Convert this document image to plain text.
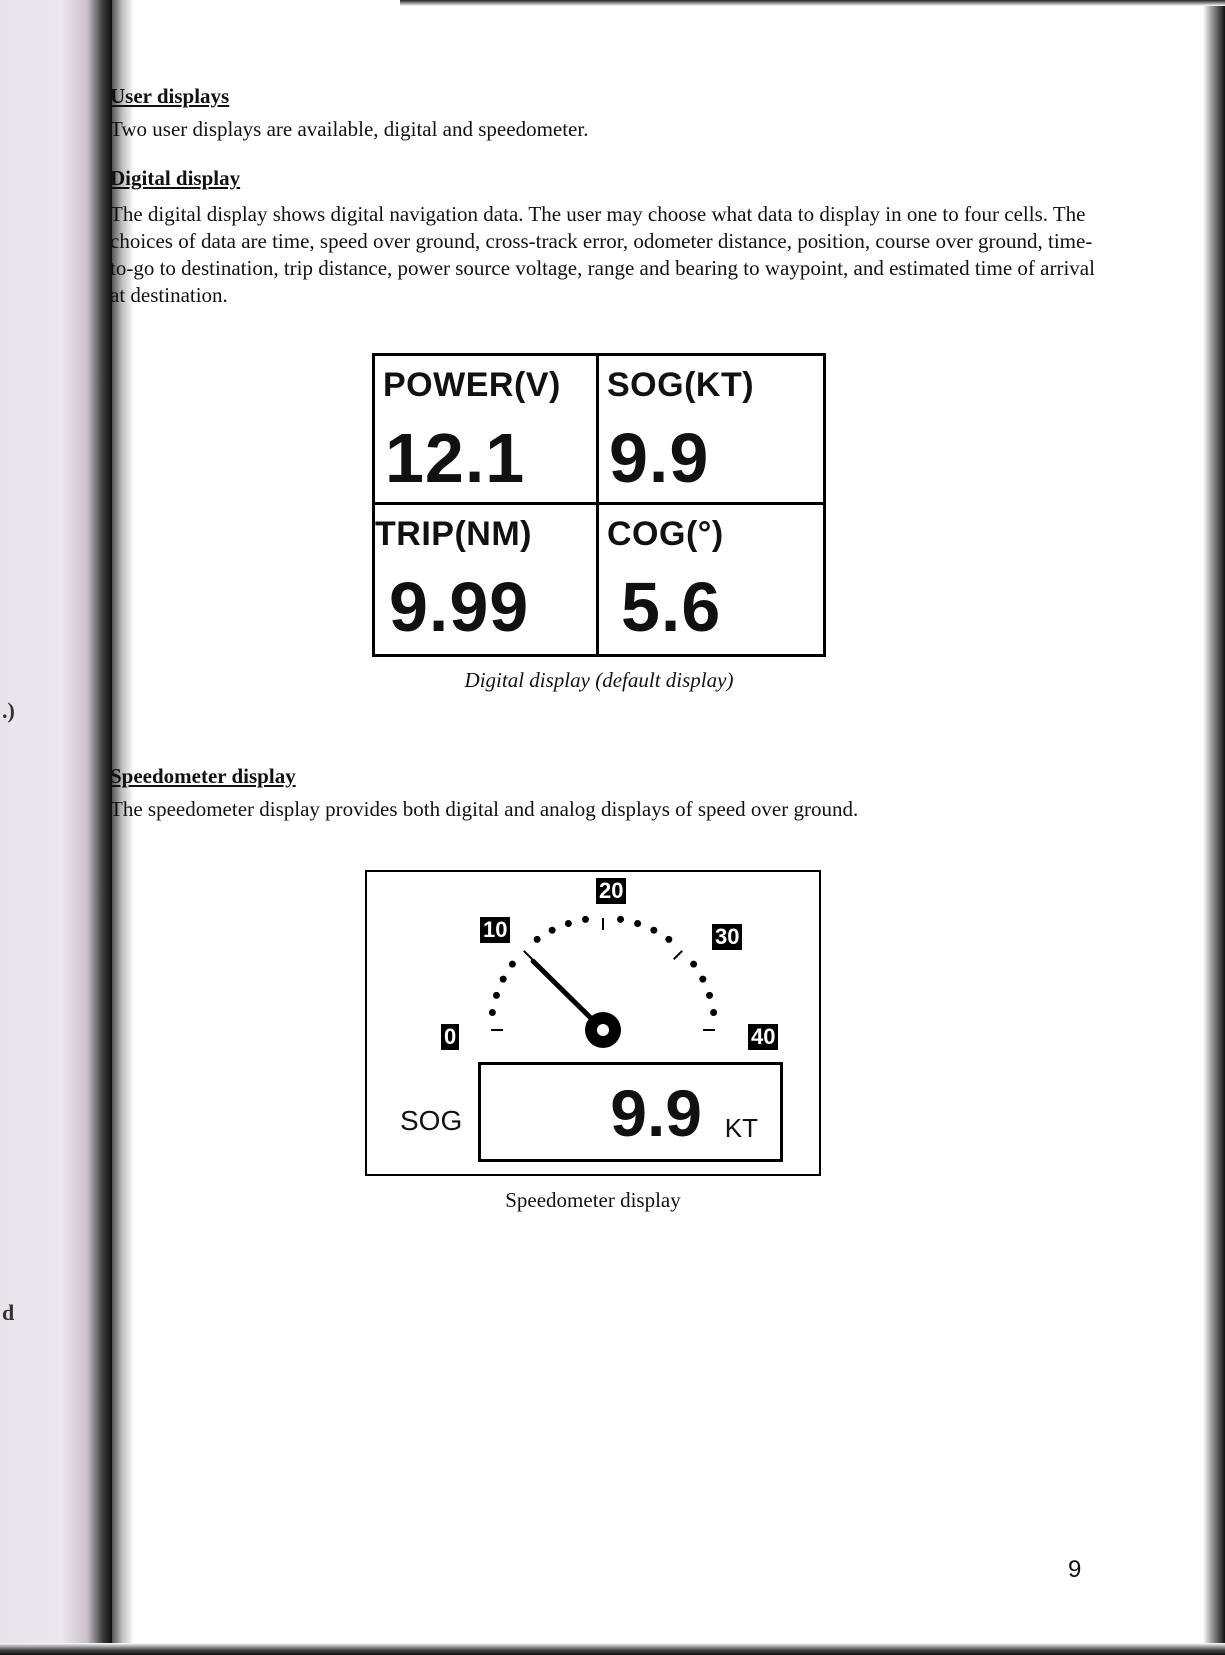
.)
d
User displays
Two user displays are available, digital and speedometer.
Digital display
The digital display shows digital navigation data. The user may choose what data to display in one to four cells. The choices of data are time, speed over ground, cross-track error, odometer distance, position, course over ground, time-to-go to destination, trip distance, power source voltage, range and bearing to waypoint, and estimated time of arrival at destination.
POWER(V)
12.1
SOG(KT)
9.9
TRIP(NM)
9.99
COG(°)
5.6
Digital display (default display)
Speedometer display
The speedometer display provides both digital and analog displays of speed over ground.
0
10
20
30
40
SOG 9.9 KT
Speedometer display
9
